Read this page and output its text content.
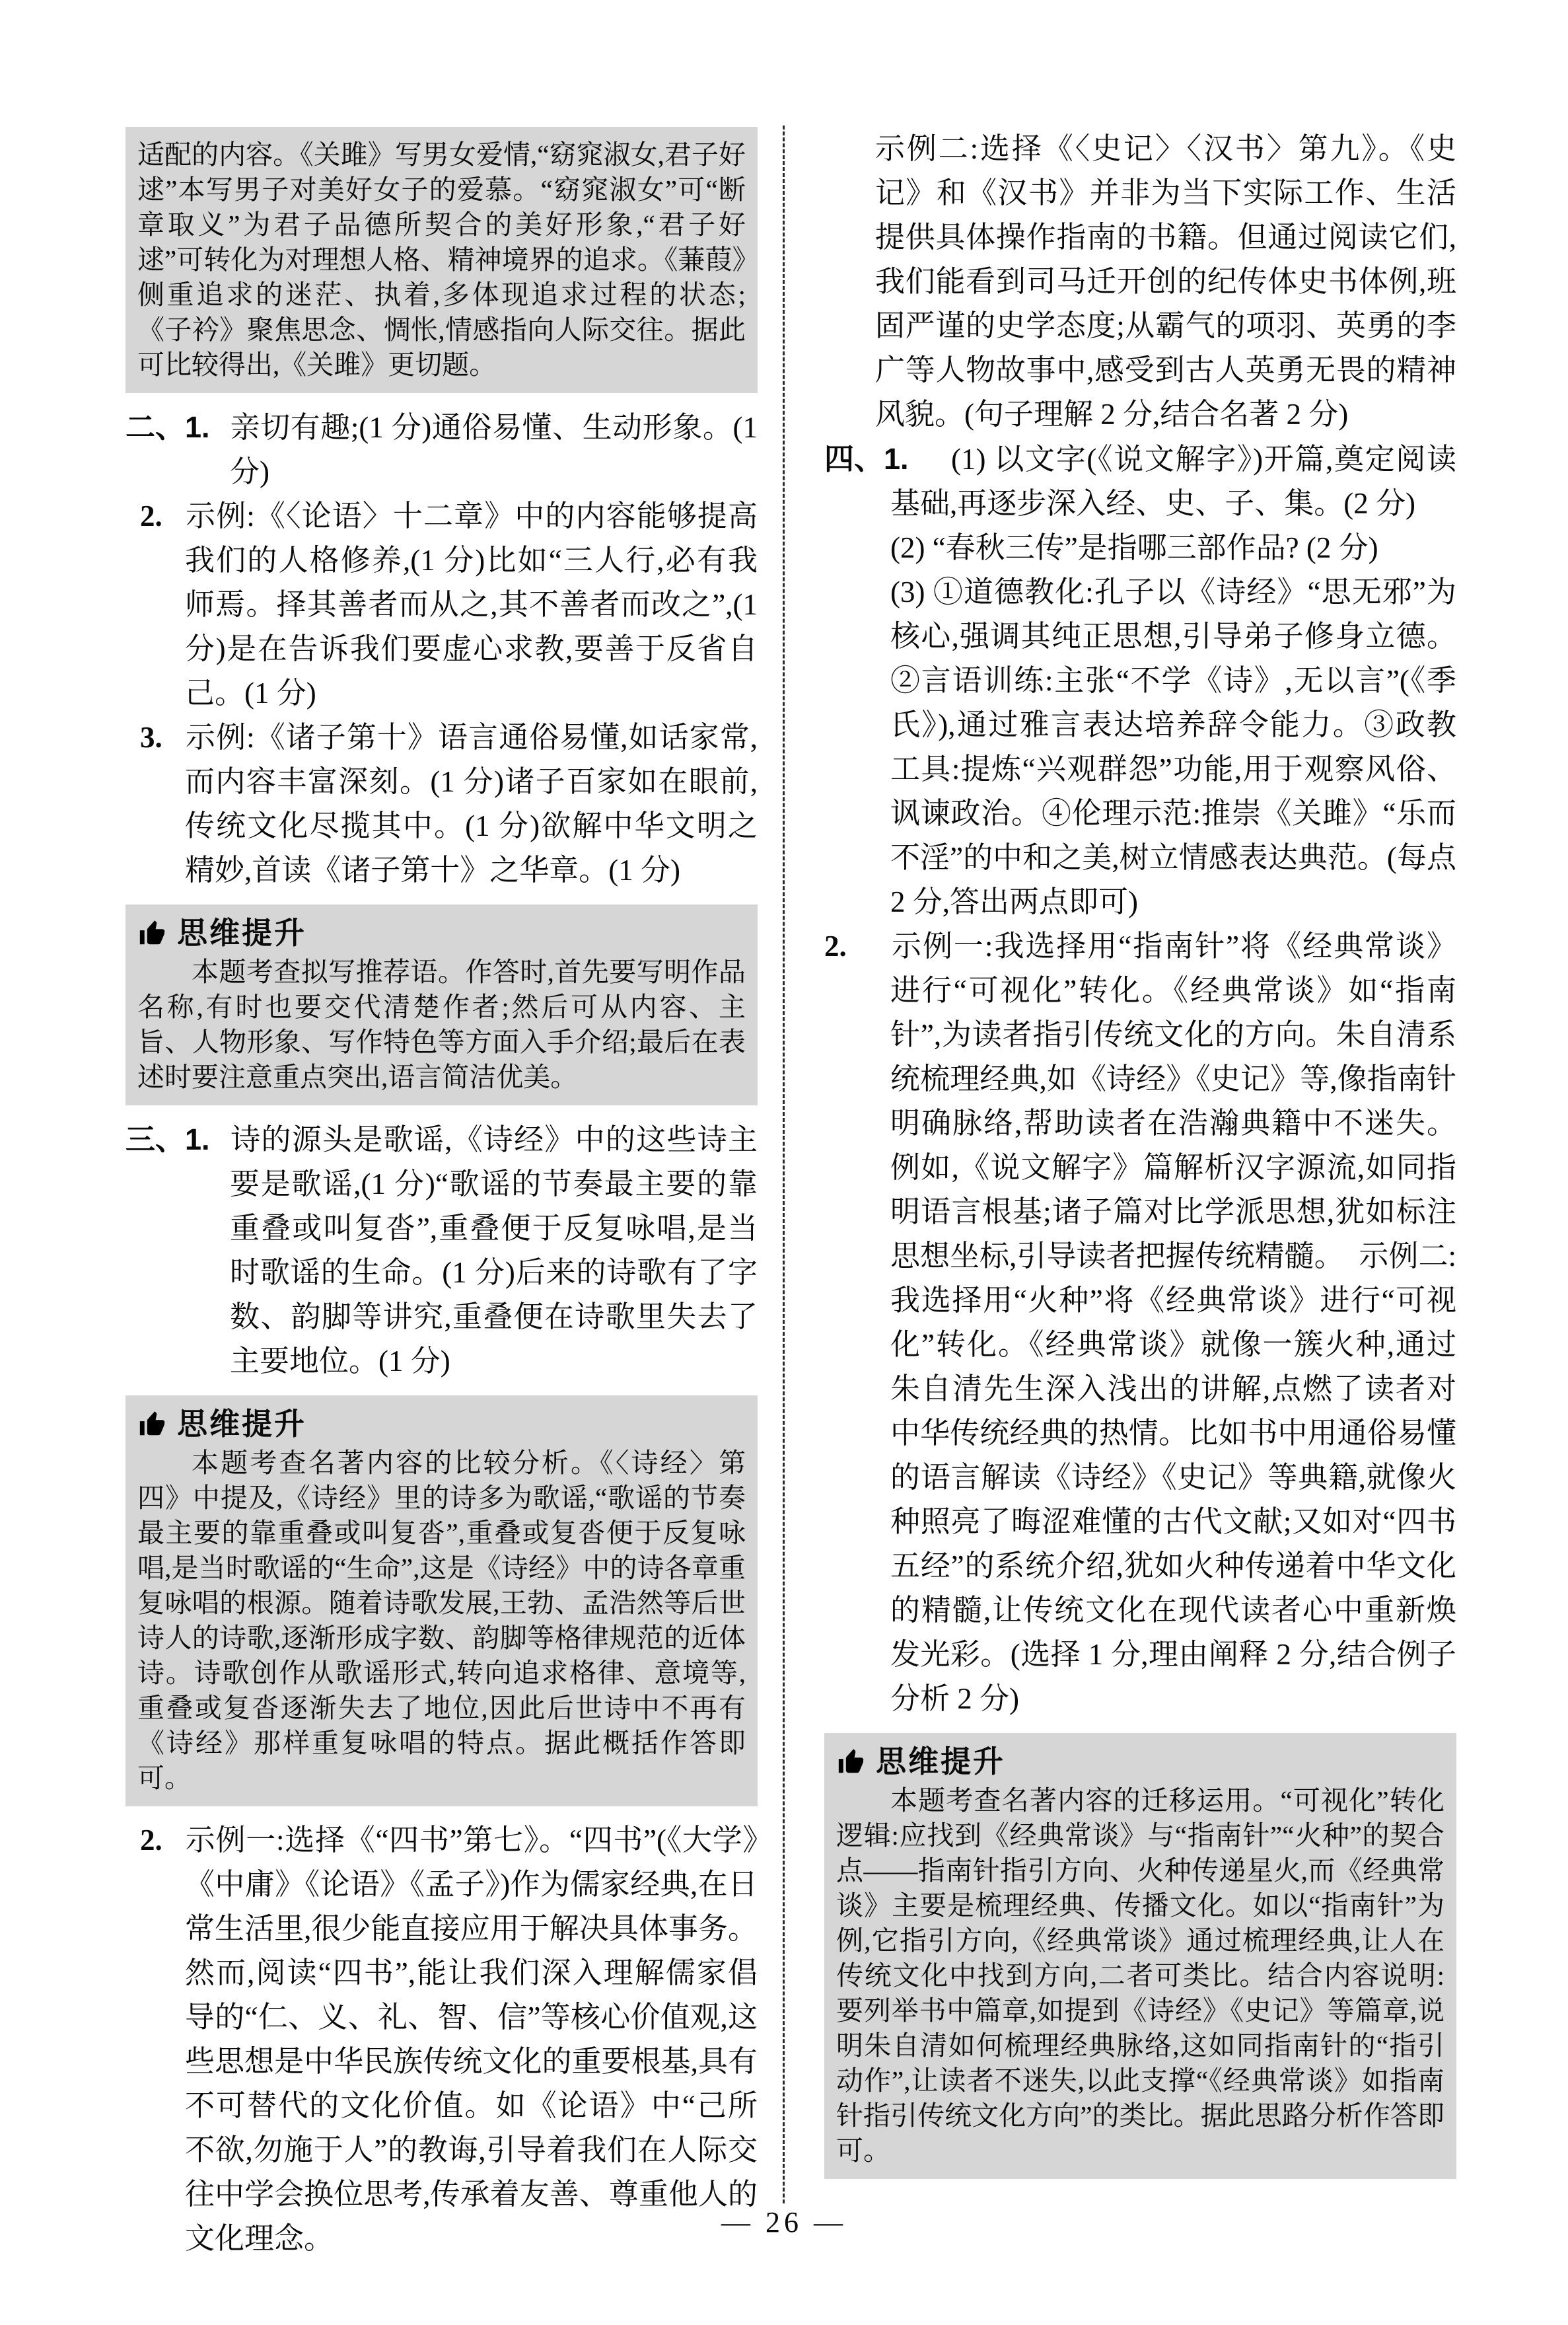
适配的内容。《关雎》写男女爱情,“窈窕淑女,君子好逑”本写男子对美好女子的爱慕。“窈窕淑女”可“断章取义”为君子品德所契合的美好形象,“君子好逑”可转化为对理想人格、精神境界的追求。《蒹葭》侧重追求的迷茫、执着,多体现追求过程的状态;《子衿》聚焦思念、惆怅,情感指向人际交往。据此可比较得出,《关雎》更切题。

二、1. 亲切有趣;(1 分)通俗易懂、生动形象。(1 分)

2. 示例:《〈论语〉十二章》中的内容能够提高我们的人格修养,(1 分)比如“三人行,必有我师焉。择其善者而从之,其不善者而改之”,(1 分)是在告诉我们要虚心求教,要善于反省自己。(1 分)

3. 示例:《诸子第十》语言通俗易懂,如话家常,而内容丰富深刻。(1 分)诸子百家如在眼前,传统文化尽揽其中。(1 分)欲解中华文明之精妙,首读《诸子第十》之华章。(1 分)

思维提升

本题考查拟写推荐语。作答时,首先要写明作品名称,有时也要交代清楚作者;然后可从内容、主旨、人物形象、写作特色等方面入手介绍;最后在表述时要注意重点突出,语言简洁优美。

三、1. 诗的源头是歌谣,《诗经》中的这些诗主要是歌谣,(1 分)“歌谣的节奏最主要的靠重叠或叫复沓”,重叠便于反复咏唱,是当时歌谣的生命。(1 分)后来的诗歌有了字数、韵脚等讲究,重叠便在诗歌里失去了主要地位。(1 分)

思维提升

本题考查名著内容的比较分析。《〈诗经〉第四》中提及,《诗经》里的诗多为歌谣,“歌谣的节奏最主要的靠重叠或叫复沓”,重叠或复沓便于反复咏唱,是当时歌谣的“生命”,这是《诗经》中的诗各章重复咏唱的根源。随着诗歌发展,王勃、孟浩然等后世诗人的诗歌,逐渐形成字数、韵脚等格律规范的近体诗。诗歌创作从歌谣形式,转向追求格律、意境等,重叠或复沓逐渐失去了地位,因此后世诗中不再有《诗经》那样重复咏唱的特点。据此概括作答即可。

2. 示例一:选择《“四书”第七》。“四书”(《大学》《中庸》《论语》《孟子》)作为儒家经典,在日常生活里,很少能直接应用于解决具体事务。然而,阅读“四书”,能让我们深入理解儒家倡导的“仁、义、礼、智、信”等核心价值观,这些思想是中华民族传统文化的重要根基,具有不可替代的文化价值。如《论语》中“己所不欲,勿施于人”的教诲,引导着我们在人际交往中学会换位思考,传承着友善、尊重他人的文化理念。

示例二:选择《〈史记〉〈汉书〉第九》。《史记》和《汉书》并非为当下实际工作、生活提供具体操作指南的书籍。但通过阅读它们,我们能看到司马迁开创的纪传体史书体例,班固严谨的史学态度;从霸气的项羽、英勇的李广等人物故事中,感受到古人英勇无畏的精神风貌。(句子理解 2 分,结合名著 2 分)

四、1. (1) 以文字(《说文解字》)开篇,奠定阅读基础,再逐步深入经、史、子、集。(2 分)

(2) “春秋三传”是指哪三部作品? (2 分)

(3) ①道德教化:孔子以《诗经》“思无邪”为核心,强调其纯正思想,引导弟子修身立德。②言语训练:主张“不学《诗》,无以言”(《季氏》),通过雅言表达培养辞令能力。③政教工具:提炼“兴观群怨”功能,用于观察风俗、讽谏政治。④伦理示范:推崇《关雎》“乐而不淫”的中和之美,树立情感表达典范。(每点 2 分,答出两点即可)

2. 示例一:我选择用“指南针”将《经典常谈》进行“可视化”转化。《经典常谈》如“指南针”,为读者指引传统文化的方向。朱自清系统梳理经典,如《诗经》《史记》等,像指南针明确脉络,帮助读者在浩瀚典籍中不迷失。例如,《说文解字》篇解析汉字源流,如同指明语言根基;诸子篇对比学派思想,犹如标注思想坐标,引导读者把握传统精髓。　示例二:我选择用“火种”将《经典常谈》进行“可视化”转化。《经典常谈》就像一簇火种,通过朱自清先生深入浅出的讲解,点燃了读者对中华传统经典的热情。比如书中用通俗易懂的语言解读《诗经》《史记》等典籍,就像火种照亮了晦涩难懂的古代文献;又如对“四书五经”的系统介绍,犹如火种传递着中华文化的精髓,让传统文化在现代读者心中重新焕发光彩。(选择 1 分,理由阐释 2 分,结合例子分析 2 分)

思维提升

本题考查名著内容的迁移运用。“可视化”转化逻辑:应找到《经典常谈》与“指南针”“火种”的契合点——指南针指引方向、火种传递星火,而《经典常谈》主要是梳理经典、传播文化。如以“指南针”为例,它指引方向,《经典常谈》通过梳理经典,让人在传统文化中找到方向,二者可类比。结合内容说明:要列举书中篇章,如提到《诗经》《史记》等篇章,说明朱自清如何梳理经典脉络,这如同指南针的“指引动作”,让读者不迷失,以此支撑“《经典常谈》如指南针指引传统文化方向”的类比。据此思路分析作答即可。

— 26 —
